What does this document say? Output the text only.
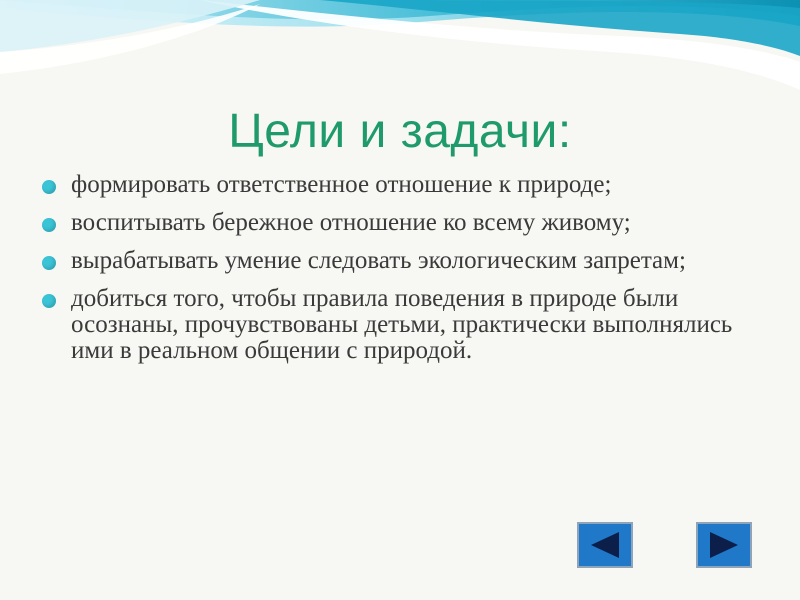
Цели и задачи:
формировать ответственное отношение к природе;
воспитывать бережное отношение ко всему живому;
вырабатывать умение следовать экологическим запретам;
добиться того, чтобы правила поведения в природе были осознаны, прочувствованы детьми, практически выполнялись ими в реальном общении с природой.
